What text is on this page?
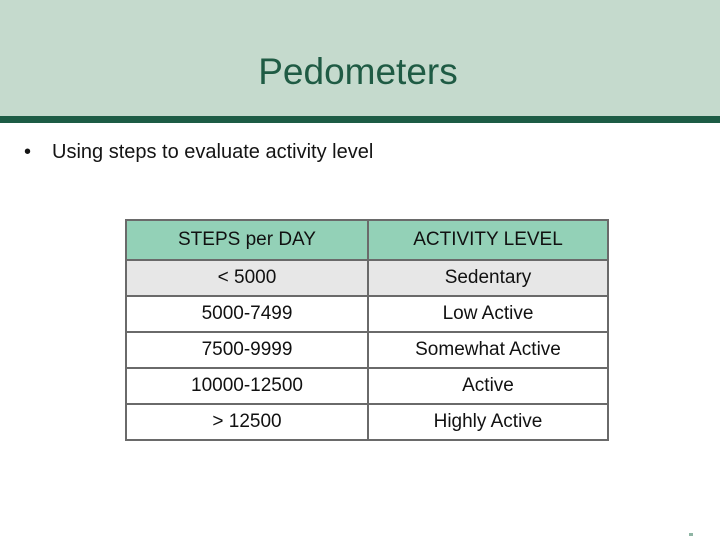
Pedometers
• Using steps to evaluate activity level
STEPS per DAY	ACTIVITY LEVEL
< 5000	Sedentary
5000-7499	Low Active
7500-9999	Somewhat Active
10000-12500	Active
> 12500	Highly Active
